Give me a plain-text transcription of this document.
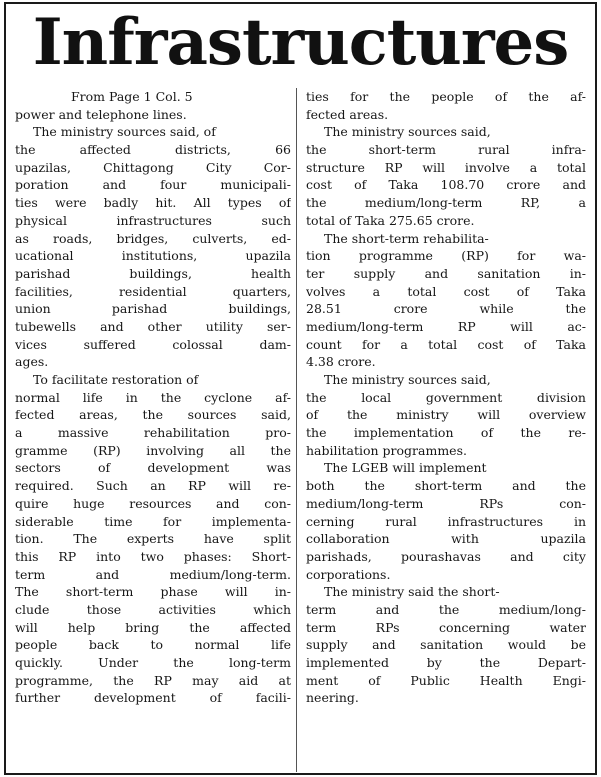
Infrastructures
From Page 1 Col. 5
power and telephone lines.
The ministry sources said, of
the affected districts, 66
upazilas, Chittagong City Cor-
poration and four municipali-
ties were badly hit. All types of
physical infrastructures such
as roads, bridges, culverts, ed-
ucational institutions, upazila
parishad buildings, health
facilities, residential quarters,
union parishad buildings,
tubewells and other utility ser-
vices suffered colossal dam-
ages.
To facilitate restoration of
normal life in the cyclone af-
fected areas, the sources said,
a massive rehabilitation pro-
gramme (RP) involving all the
sectors of development was
required. Such an RP will re-
quire huge resources and con-
siderable time for implementa-
tion. The experts have split
this RP into two phases: Short-
term and medium/long-term.
The short-term phase will in-
clude those activities which
will help bring the affected
people back to normal life
quickly. Under the long-term
programme, the RP may aid at
further development of facili-
ties for the people of the af-
fected areas.
The ministry sources said,
the short-term rural infra-
structure RP will involve a total
cost of Taka 108.70 crore and
the medium/long-term RP, a
total of Taka 275.65 crore.
The short-term rehabilita-
tion programme (RP) for wa-
ter supply and sanitation in-
volves a total cost of Taka
28.51 crore while the
medium/long-term RP will ac-
count for a total cost of Taka
4.38 crore.
The ministry sources said,
the local government division
of the ministry will overview
the implementation of the re-
habilitation programmes.
The LGEB will implement
both the short-term and the
medium/long-term RPs con-
cerning rural infrastructures in
collaboration with upazila
parishads, pourashavas and city
corporations.
The ministry said the short-
term and the medium/long-
term RPs concerning water
supply and sanitation would be
implemented by the Depart-
ment of Public Health Engi-
neering.
